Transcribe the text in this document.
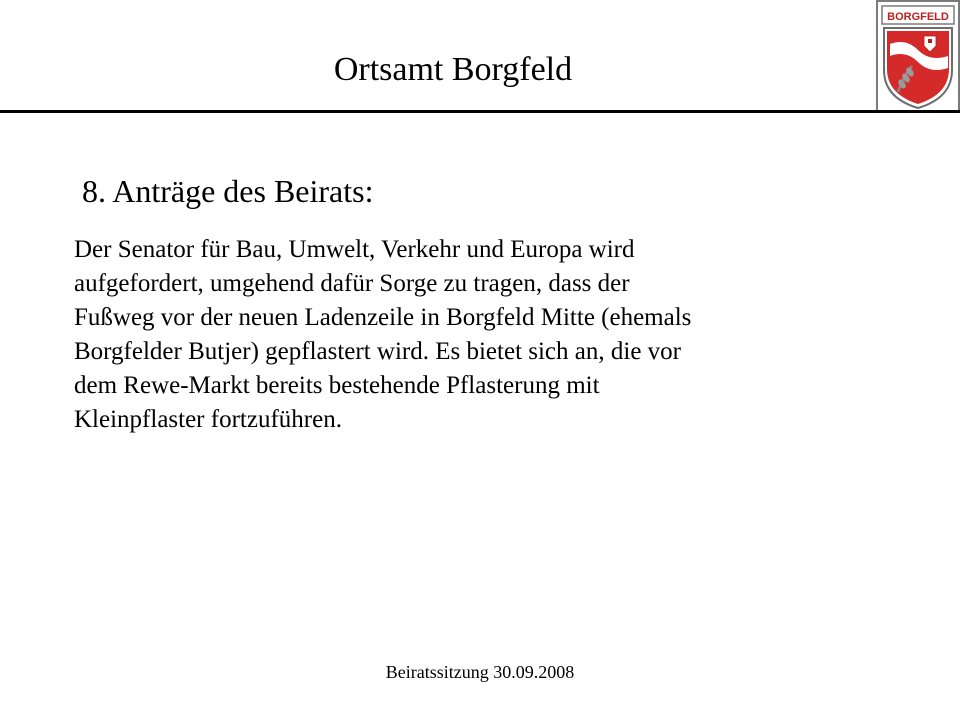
Ortsamt Borgfeld
BORGFELD
8. Anträge des Beirats:
Der Senator für Bau, Umwelt, Verkehr und Europa wird
aufgefordert, umgehend dafür Sorge zu tragen, dass der
Fußweg vor der neuen Ladenzeile in Borgfeld Mitte (ehemals
Borgfelder Butjer) gepflastert wird. Es bietet sich an, die vor
dem Rewe-Markt bereits bestehende Pflasterung mit
Kleinpflaster fortzuführen.
Beiratssitzung 30.09.2008
